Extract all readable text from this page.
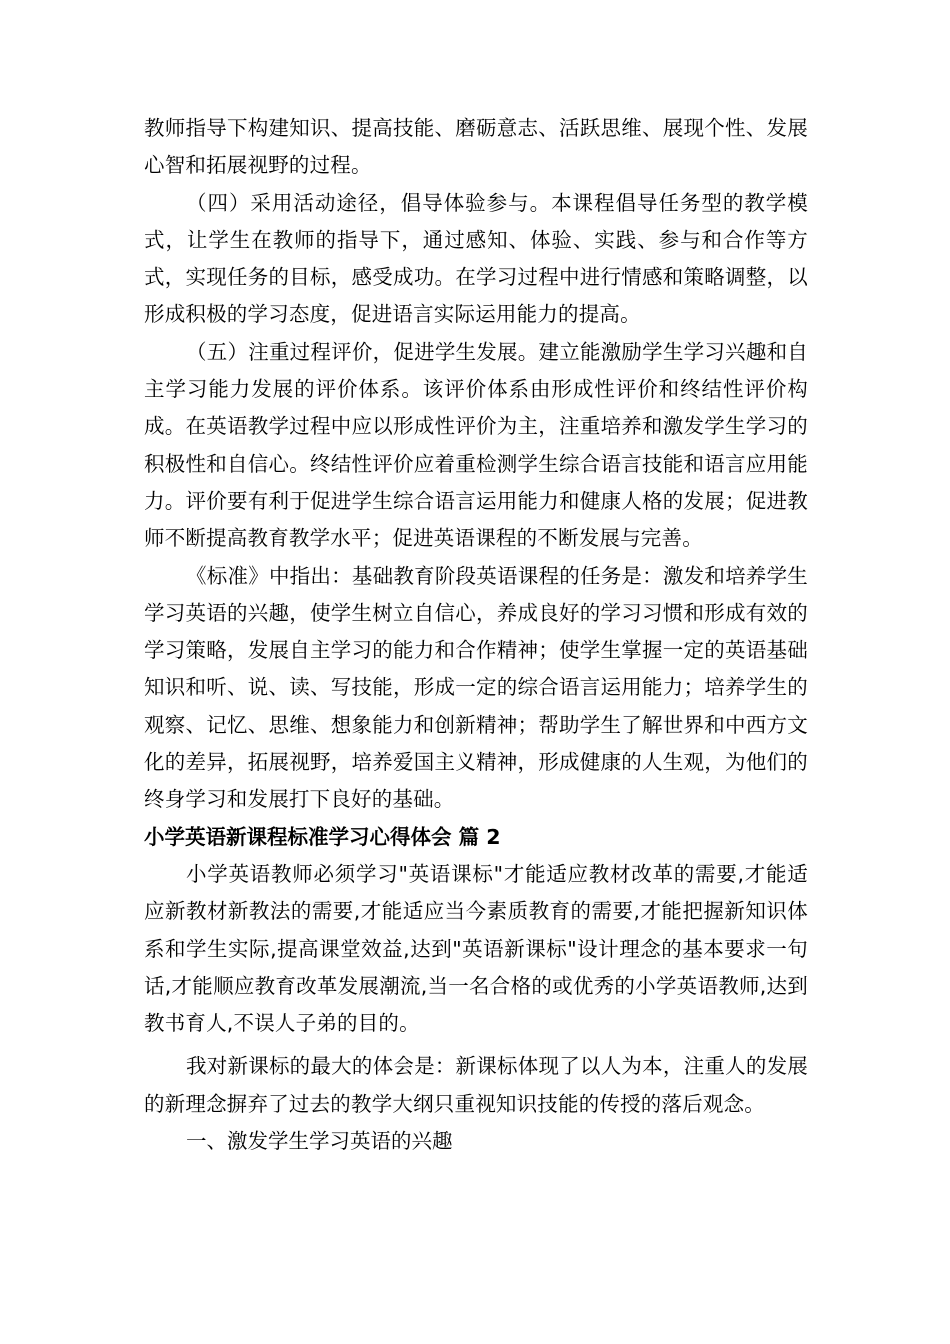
教师指导下构建知识、提高技能、磨砺意志、活跃思维、展现个性、发展心智和拓展视野的过程。

（四）采用活动途径，倡导体验参与。本课程倡导任务型的教学模式，让学生在教师的指导下，通过感知、体验、实践、参与和合作等方式，实现任务的目标，感受成功。在学习过程中进行情感和策略调整，以形成积极的学习态度，促进语言实际运用能力的提高。

（五）注重过程评价，促进学生发展。建立能激励学生学习兴趣和自主学习能力发展的评价体系。该评价体系由形成性评价和终结性评价构成。在英语教学过程中应以形成性评价为主，注重培养和激发学生学习的积极性和自信心。终结性评价应着重检测学生综合语言技能和语言应用能力。评价要有利于促进学生综合语言运用能力和健康人格的发展；促进教师不断提高教育教学水平；促进英语课程的不断发展与完善。

《标准》中指出：基础教育阶段英语课程的任务是：激发和培养学生学习英语的兴趣，使学生树立自信心，养成良好的学习习惯和形成有效的学习策略，发展自主学习的能力和合作精神；使学生掌握一定的英语基础知识和听、说、读、写技能，形成一定的综合语言运用能力；培养学生的观察、记忆、思维、想象能力和创新精神；帮助学生了解世界和中西方文化的差异，拓展视野，培养爱国主义精神，形成健康的人生观，为他们的终身学习和发展打下良好的基础。

小学英语新课程标准学习心得体会 篇 2

小学英语教师必须学习"英语课标"才能适应教材改革的需要,才能适应新教材新教法的需要,才能适应当今素质教育的需要,才能把握新知识体系和学生实际,提高课堂效益,达到"英语新课标"设计理念的基本要求一句话,才能顺应教育改革发展潮流,当一名合格的或优秀的小学英语教师,达到教书育人,不误人子弟的目的。

我对新课标的最大的体会是：新课标体现了以人为本，注重人的发展的新理念摒弃了过去的教学大纲只重视知识技能的传授的落后观念。

一、激发学生学习英语的兴趣
